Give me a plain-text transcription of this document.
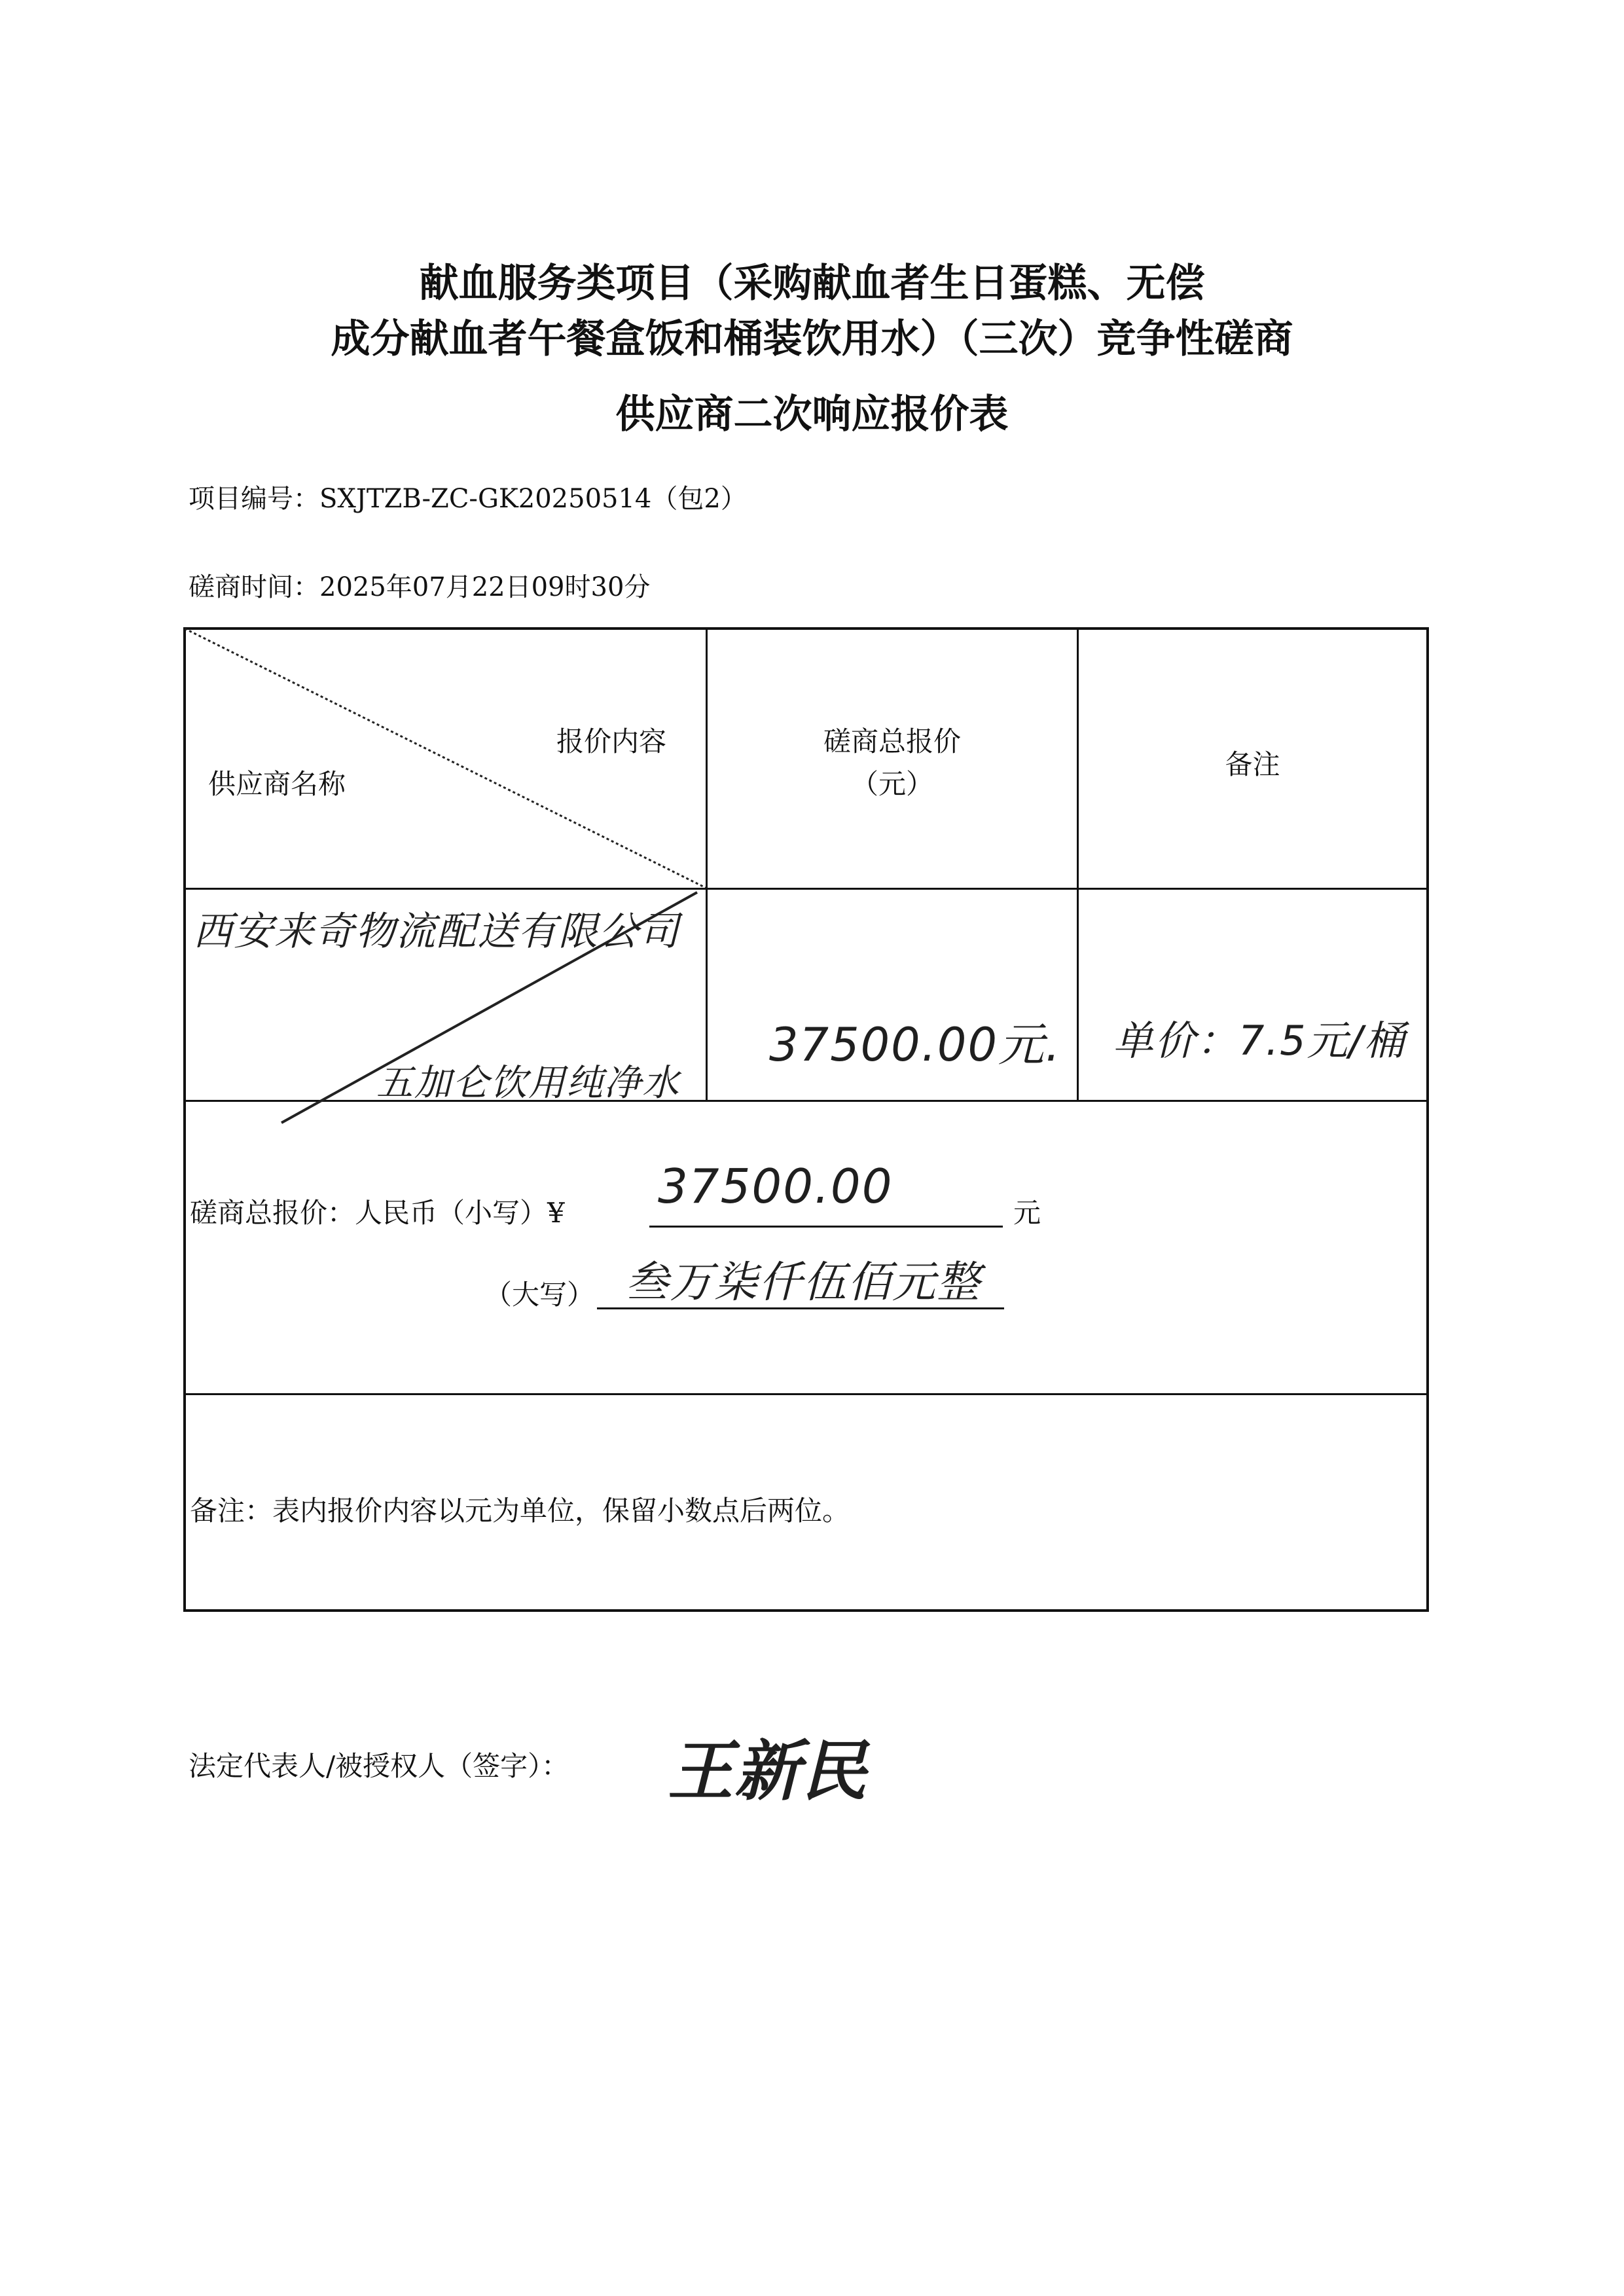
献血服务类项目（采购献血者生日蛋糕、无偿
成分献血者午餐盒饭和桶装饮用水）（三次）竞争性磋商
供应商二次响应报价表
项目编号：SXJTZB-ZC-GK20250514（包2）
磋商时间：2025年07月22日09时30分
报价内容
供应商名称
磋商总报价
（元）
备注
西安来奇物流配送有限公司
五加仑饮用纯净水
37500.00元. 单价：7.5元/桶
磋商总报价：人民币（小写）¥ 37500.00	元
（大写） 叁万柒仟伍佰元整
备注：表内报价内容以元为单位，保留小数点后两位。
法定代表人/被授权人（签字）： 王新民
